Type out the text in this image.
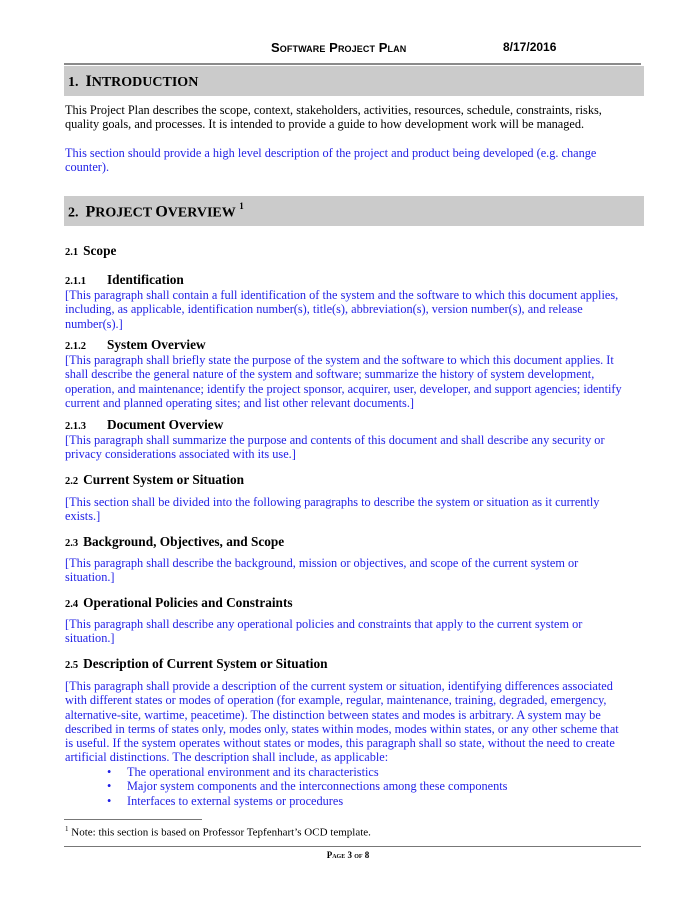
Software Project Plan	8/17/2016
1. INTRODUCTION
This Project Plan describes the scope, context, stakeholders, activities, resources, schedule, constraints, risks,
quality goals, and processes. It is intended to provide a guide to how development work will be managed.
This section should provide a high level description of the project and product being developed (e.g. change
counter).
2. PROJECT OVERVIEW $^1$
2.1 Scope
2.1.1 Identification
[This paragraph shall contain a full identification of the system and the software to which this document applies,
including, as applicable, identification number(s), title(s), abbreviation(s), version number(s), and release
number(s).]
2.1.2 System Overview
[This paragraph shall briefly state the purpose of the system and the software to which this document applies. It
shall describe the general nature of the system and software; summarize the history of system development,
operation, and maintenance; identify the project sponsor, acquirer, user, developer, and support agencies; identify
current and planned operating sites; and list other relevant documents.]
2.1.3 Document Overview
[This paragraph shall summarize the purpose and contents of this document and shall describe any security or
privacy considerations associated with its use.]
2.2 Current System or Situation
[This section shall be divided into the following paragraphs to describe the system or situation as it currently
exists.]
2.3 Background, Objectives, and Scope
[This paragraph shall describe the background, mission or objectives, and scope of the current system or
situation.]
2.4 Operational Policies and Constraints
[This paragraph shall describe any operational policies and constraints that apply to the current system or
situation.]
2.5 Description of Current System or Situation
[This paragraph shall provide a description of the current system or situation, identifying differences associated
with different states or modes of operation (for example, regular, maintenance, training, degraded, emergency,
alternative-site, wartime, peacetime). The distinction between states and modes is arbitrary. A system may be
described in terms of states only, modes only, states within modes, modes within states, or any other scheme that
is useful. If the system operates without states or modes, this paragraph shall so state, without the need to create
artificial distinctions. The description shall include, as applicable:
• The operational environment and its characteristics
• Major system components and the interconnections among these components
• Interfaces to external systems or procedures
$^1$ Note: this section is based on Professor Tepfenhart’s OCD template.
Page 3 of 8
